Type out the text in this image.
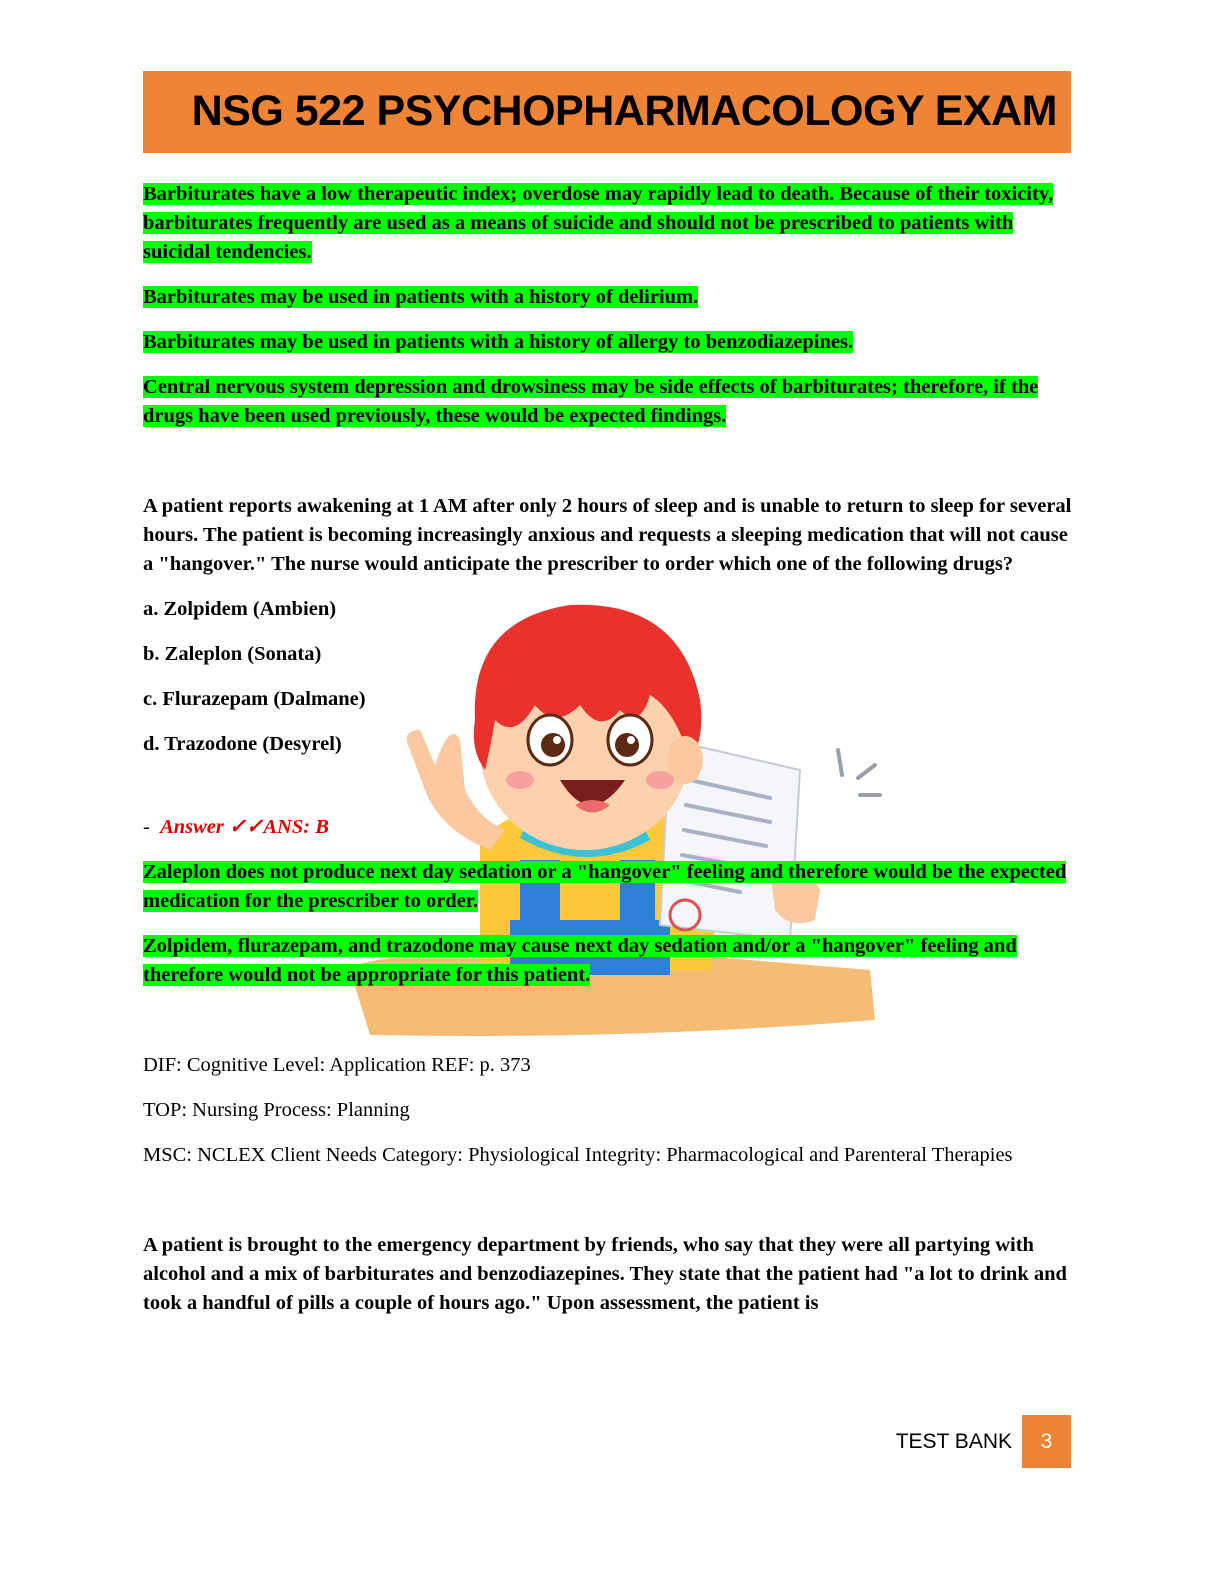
NSG 522 PSYCHOPHARMACOLOGY EXAM

Barbiturates have a low therapeutic index; overdose may rapidly lead to death. Because of their toxicity, barbiturates frequently are used as a means of suicide and should not be prescribed to patients with suicidal tendencies.

Barbiturates may be used in patients with a history of delirium.

Barbiturates may be used in patients with a history of allergy to benzodiazepines.

Central nervous system depression and drowsiness may be side effects of barbiturates; therefore, if the drugs have been used previously, these would be expected findings.

A patient reports awakening at 1 AM after only 2 hours of sleep and is unable to return to sleep for several hours. The patient is becoming increasingly anxious and requests a sleeping medication that will not cause a "hangover." The nurse would anticipate the prescriber to order which one of the following drugs?

a. Zolpidem (Ambien)

b. Zaleplon (Sonata)

c. Flurazepam (Dalmane)

d. Trazodone (Desyrel)

- Answer ✓✓ANS: B

Zaleplon does not produce next day sedation or a "hangover" feeling and therefore would be the expected medication for the prescriber to order.

Zolpidem, flurazepam, and trazodone may cause next day sedation and/or a "hangover" feeling and therefore would not be appropriate for this patient.

DIF: Cognitive Level: Application REF: p. 373

TOP: Nursing Process: Planning

MSC: NCLEX Client Needs Category: Physiological Integrity: Pharmacological and Parenteral Therapies

A patient is brought to the emergency department by friends, who say that they were all partying with alcohol and a mix of barbiturates and benzodiazepines. They state that the patient had "a lot to drink and took a handful of pills a couple of hours ago." Upon assessment, the patient is

TEST BANK	3
